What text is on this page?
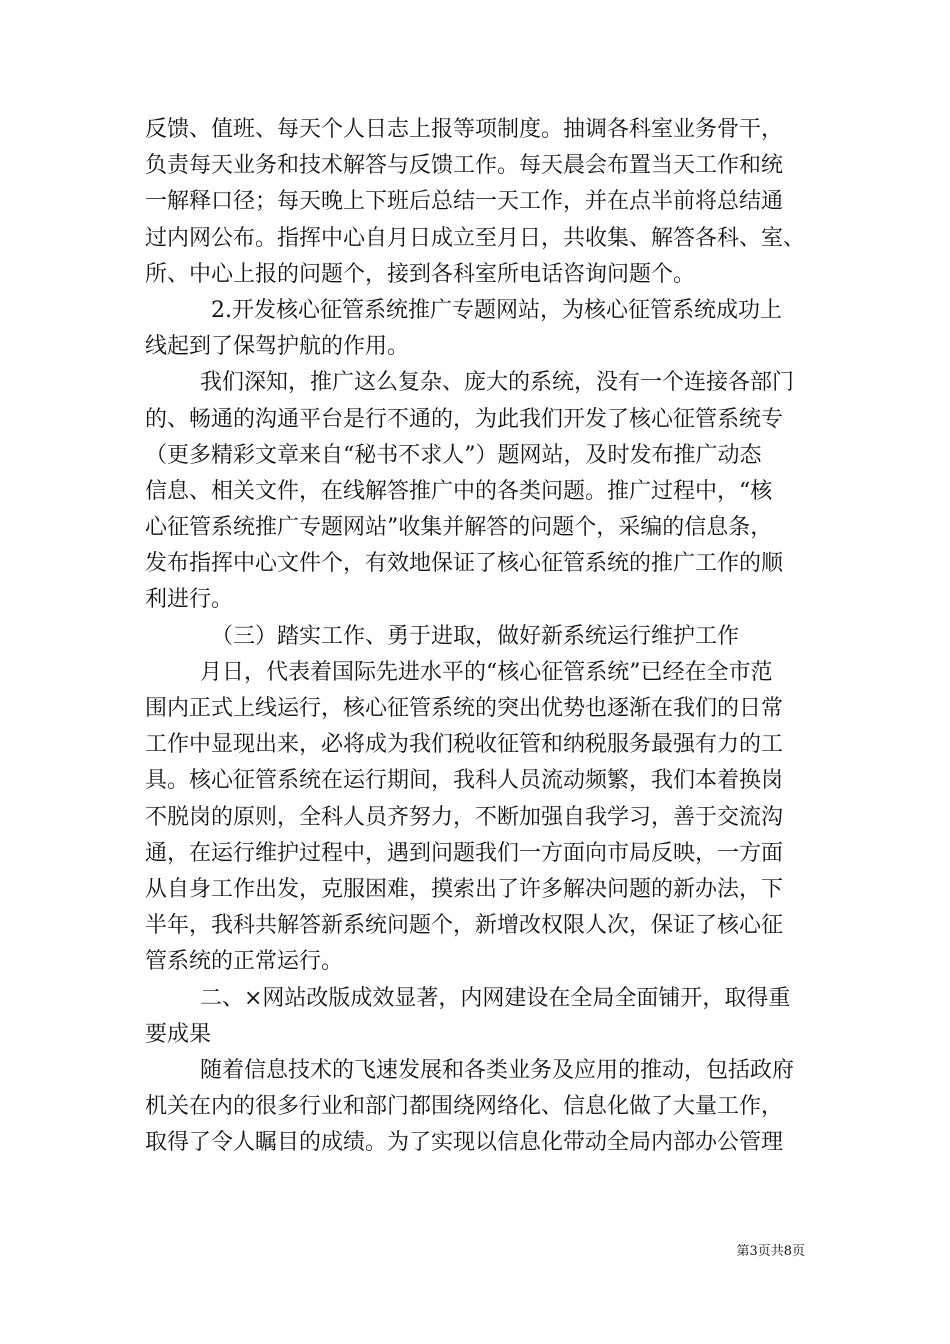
反馈、值班、每天个人日志上报等项制度。抽调各科室业务骨干，
负责每天业务和技术解答与反馈工作。每天晨会布置当天工作和统
一解释口径；每天晚上下班后总结一天工作，并在点半前将总结通
过内网公布。指挥中心自月日成立至月日，共收集、解答各科、室、
所、中心上报的问题个，接到各科室所电话咨询问题个。
2.开发核心征管系统推广专题网站，为核心征管系统成功上
线起到了保驾护航的作用。
我们深知，推广这么复杂、庞大的系统，没有一个连接各部门
的、畅通的沟通平台是行不通的，为此我们开发了核心征管系统专
（更多精彩文章来自“秘书不求人”）题网站，及时发布推广动态
信息、相关文件，在线解答推广中的各类问题。推广过程中，“核
心征管系统推广专题网站”收集并解答的问题个，采编的信息条，
发布指挥中心文件个，有效地保证了核心征管系统的推广工作的顺
利进行。
（三）踏实工作、勇于进取，做好新系统运行维护工作
月日，代表着国际先进水平的“核心征管系统”已经在全市范
围内正式上线运行，核心征管系统的突出优势也逐渐在我们的日常
工作中显现出来，必将成为我们税收征管和纳税服务最强有力的工
具。核心征管系统在运行期间，我科人员流动频繁，我们本着换岗
不脱岗的原则，全科人员齐努力，不断加强自我学习，善于交流沟
通，在运行维护过程中，遇到问题我们一方面向市局反映，一方面
从自身工作出发，克服困难，摸索出了许多解决问题的新办法，下
半年，我科共解答新系统问题个，新增改权限人次，保证了核心征
管系统的正常运行。
二、×网站改版成效显著，内网建设在全局全面铺开，取得重
要成果
随着信息技术的飞速发展和各类业务及应用的推动，包括政府
机关在内的很多行业和部门都围绕网络化、信息化做了大量工作，
取得了令人瞩目的成绩。为了实现以信息化带动全局内部办公管理
第3页共8页
